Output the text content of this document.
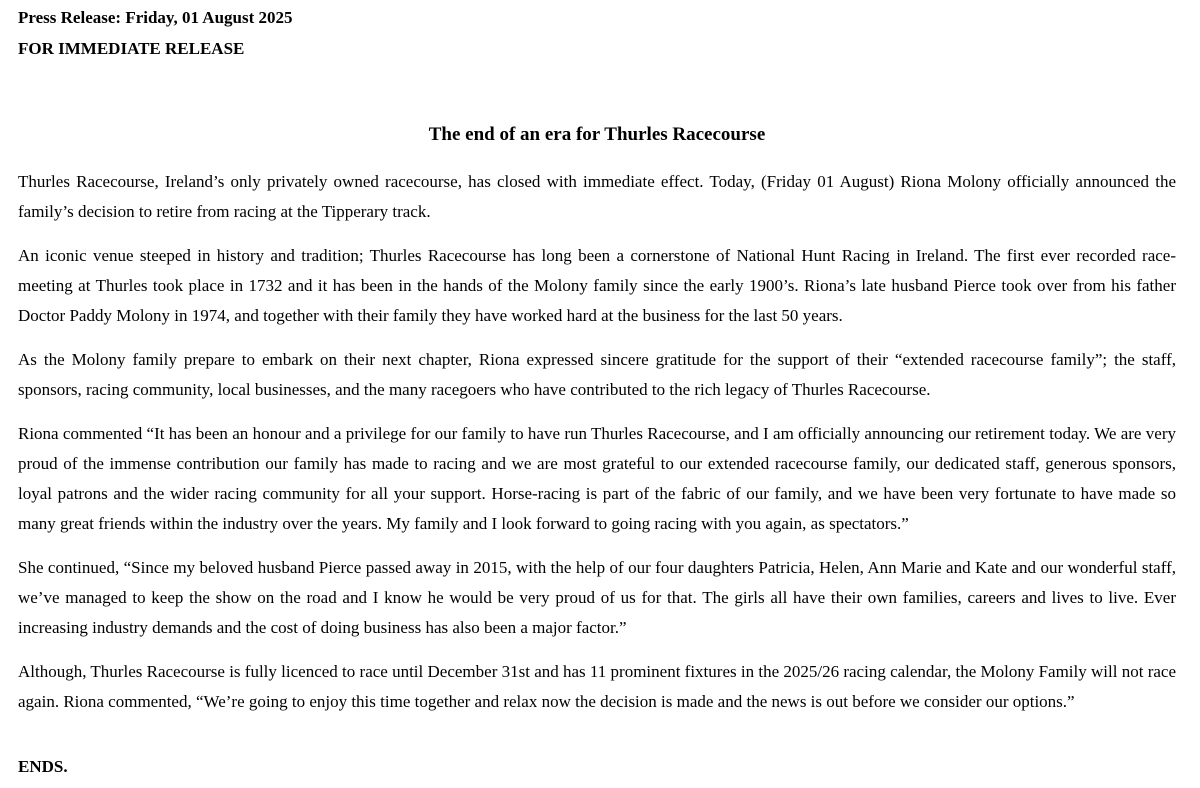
Press Release: Friday, 01 August 2025
FOR IMMEDIATE RELEASE
The end of an era for Thurles Racecourse

Thurles Racecourse, Ireland’s only privately owned racecourse, has closed with immediate effect. Today, (Friday 01 August) Riona Molony officially announced the family’s decision to retire from racing at the Tipperary track.

An iconic venue steeped in history and tradition; Thurles Racecourse has long been a cornerstone of National Hunt Racing in Ireland. The first ever recorded race-meeting at Thurles took place in 1732 and it has been in the hands of the Molony family since the early 1900’s. Riona’s late husband Pierce took over from his father Doctor Paddy Molony in 1974, and together with their family they have worked hard at the business for the last 50 years.

As the Molony family prepare to embark on their next chapter, Riona expressed sincere gratitude for the support of their “extended racecourse family”; the staff, sponsors, racing community, local businesses, and the many racegoers who have contributed to the rich legacy of Thurles Racecourse.

Riona commented “It has been an honour and a privilege for our family to have run Thurles Racecourse, and I am officially announcing our retirement today. We are very proud of the immense contribution our family has made to racing and we are most grateful to our extended racecourse family, our dedicated staff, generous sponsors, loyal patrons and the wider racing community for all your support. Horse-racing is part of the fabric of our family, and we have been very fortunate to have made so many great friends within the industry over the years. My family and I look forward to going racing with you again, as spectators.”

She continued, “Since my beloved husband Pierce passed away in 2015, with the help of our four daughters Patricia, Helen, Ann Marie and Kate and our wonderful staff, we’ve managed to keep the show on the road and I know he would be very proud of us for that. The girls all have their own families, careers and lives to live. Ever increasing industry demands and the cost of doing business has also been a major factor.”

Although, Thurles Racecourse is fully licenced to race until December 31st and has 11 prominent fixtures in the 2025/26 racing calendar, the Molony Family will not race again. Riona commented, “We’re going to enjoy this time together and relax now the decision is made and the news is out before we consider our options.”

ENDS.
